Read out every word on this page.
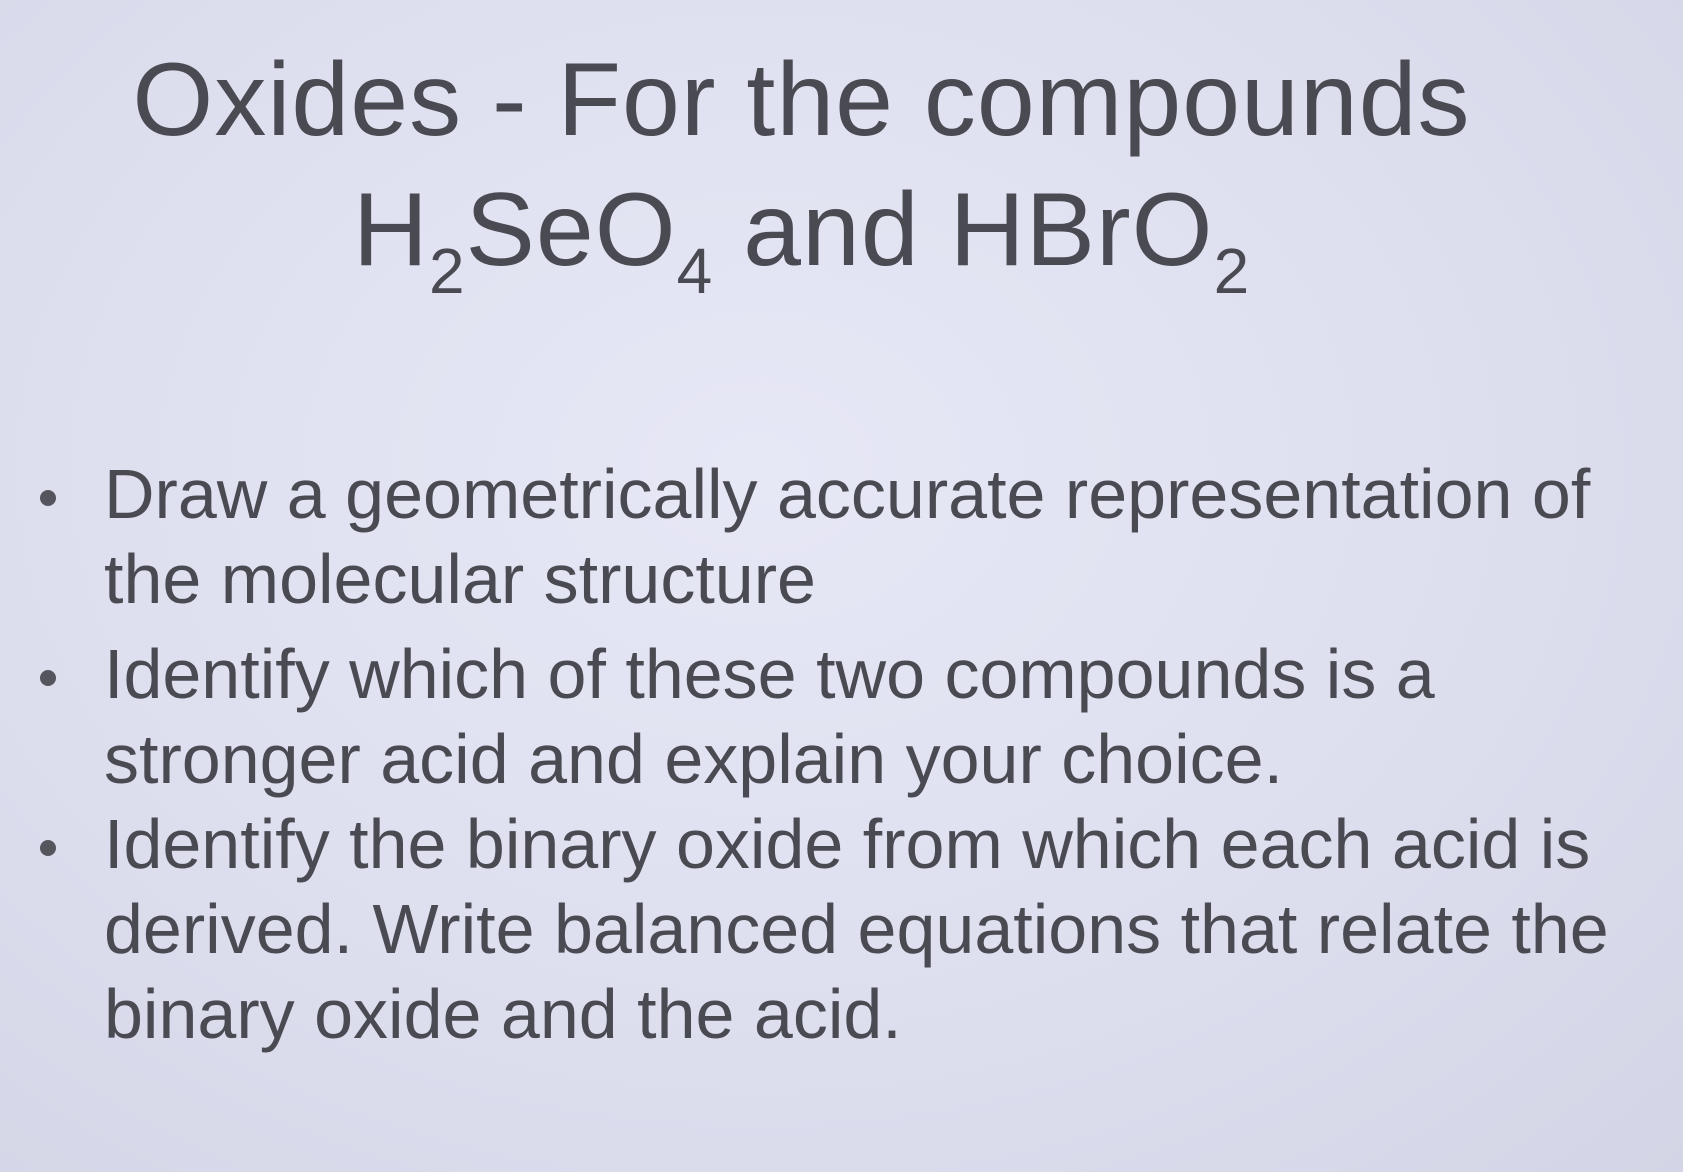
Oxides - For the compounds
$H_2SeO_4$ and HBrO$_2$
Draw a geometrically accurate representation of the molecular structure
Identify which of these two compounds is a stronger acid and explain your choice.
Identify the binary oxide from which each acid is derived. Write balanced equations that relate the binary oxide and the acid.
